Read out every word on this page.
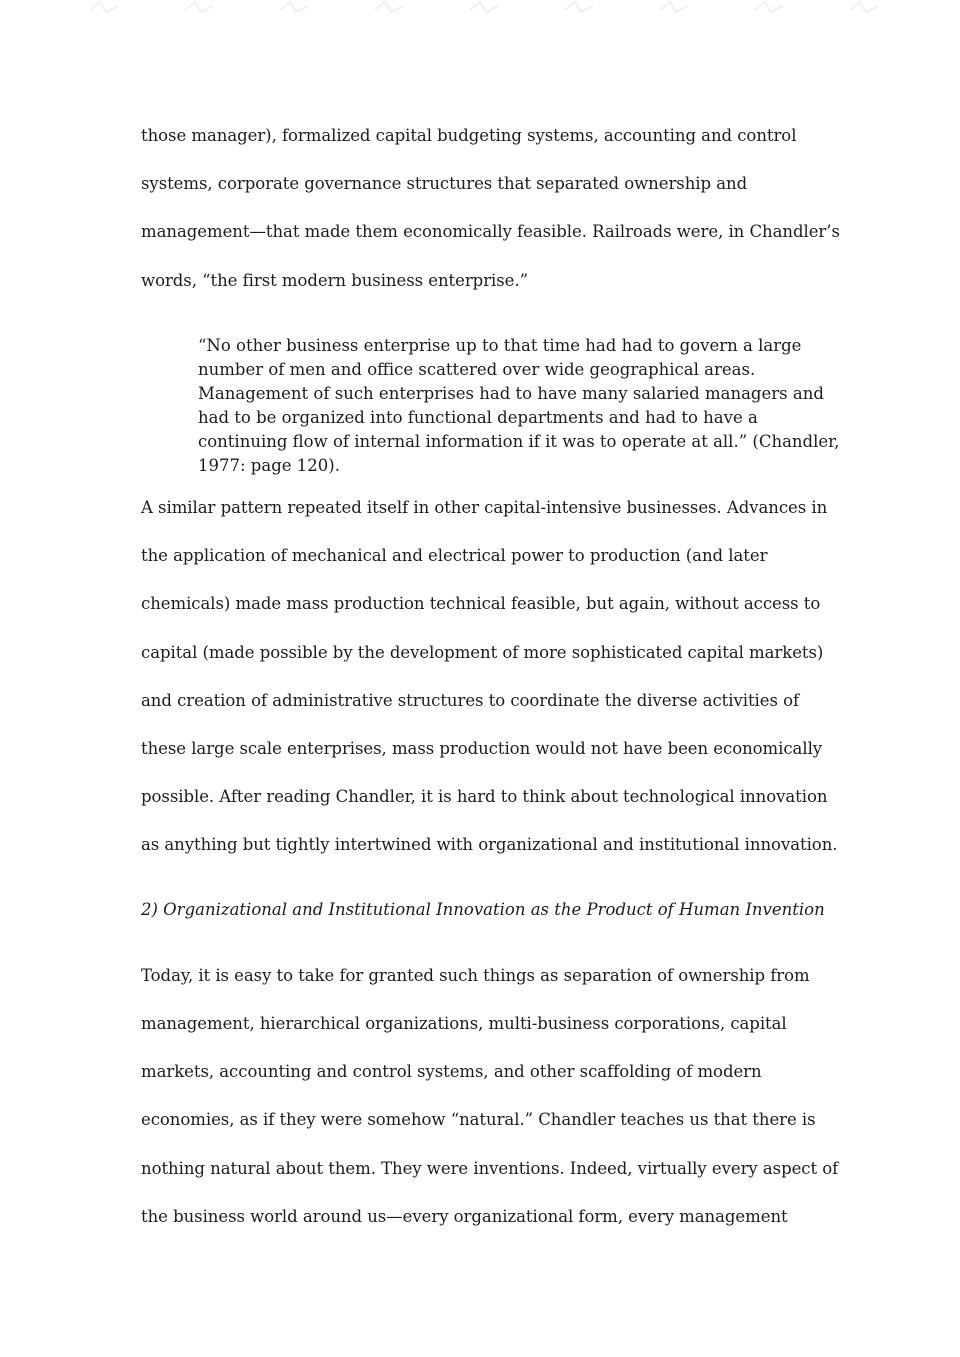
those manager), formalized capital budgeting systems, accounting and control
systems, corporate governance structures that separated ownership and
management—that made them economically feasible. Railroads were, in Chandler’s
words, “the first modern business enterprise.”
“No other business enterprise up to that time had had to govern a large
number of men and office scattered over wide geographical areas.
Management of such enterprises had to have many salaried managers and
had to be organized into functional departments and had to have a
continuing flow of internal information if it was to operate at all.” (Chandler,
1977: page 120).
A similar pattern repeated itself in other capital-intensive businesses. Advances in
the application of mechanical and electrical power to production (and later
chemicals) made mass production technical feasible, but again, without access to
capital (made possible by the development of more sophisticated capital markets)
and creation of administrative structures to coordinate the diverse activities of
these large scale enterprises, mass production would not have been economically
possible. After reading Chandler, it is hard to think about technological innovation
as anything but tightly intertwined with organizational and institutional innovation.
2) Organizational and Institutional Innovation as the Product of Human Invention
Today, it is easy to take for granted such things as separation of ownership from
management, hierarchical organizations, multi-business corporations, capital
markets, accounting and control systems, and other scaffolding of modern
economies, as if they were somehow “natural.” Chandler teaches us that there is
nothing natural about them. They were inventions. Indeed, virtually every aspect of
the business world around us—every organizational form, every management
